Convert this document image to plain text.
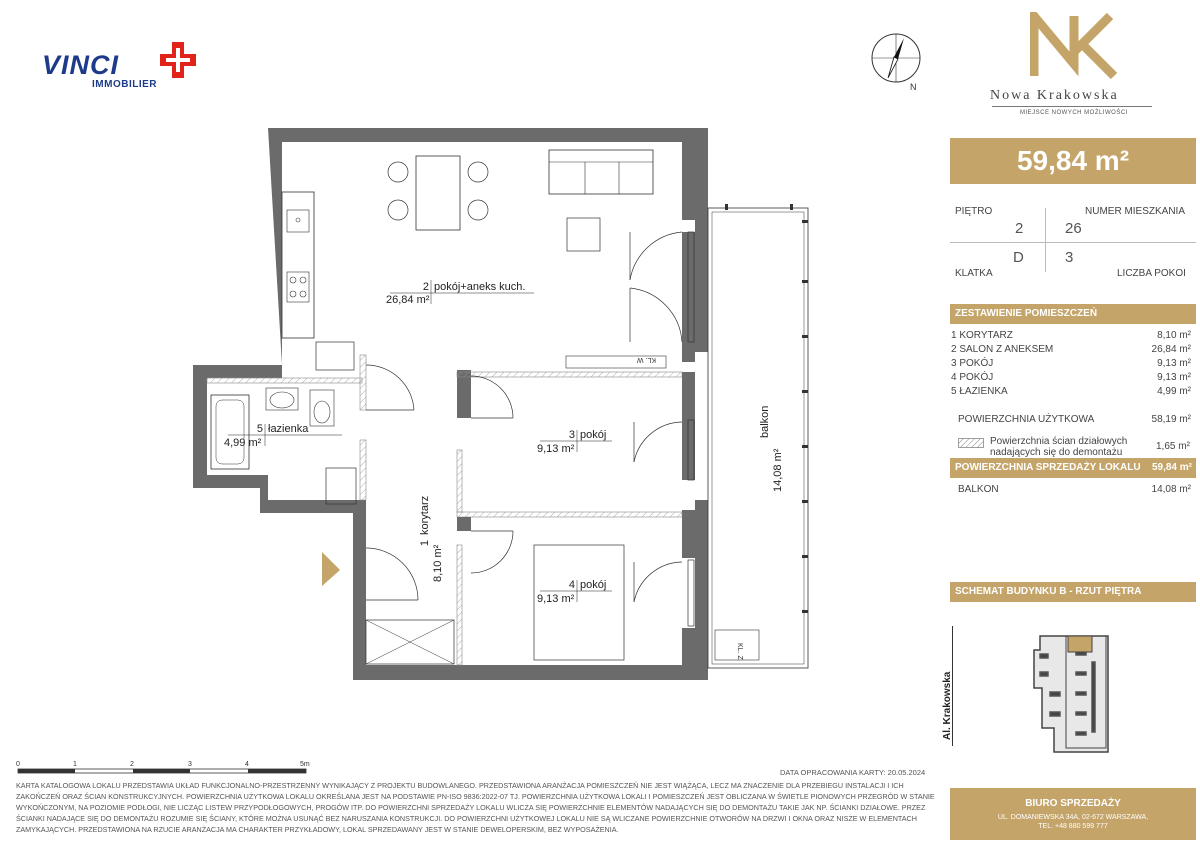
VINCI
IMMOBILIER	N
Nowa Krakowska
MIEJSCE NOWYCH MOŻLIWOŚCI
59,84 m²
PIĘTRO	NUMER MIESZKANIA
2	26
D	3
KLATKA	LICZBA POKOI
ZESTAWIENIE POMIESZCZEŃ
1 KORYTARZ	8,10 m²
2 SALON Z ANEKSEM	26,84 m²
3 POKÓJ	9,13 m²
4 POKÓJ	9,13 m²
5 ŁAZIENKA	4,99 m²
POWIERZCHNIA UŻYTKOWA	58,19 m²
Powierzchnia ścian działowych nadających się do demontażu
1,65 m²
POWIERZCHNIA SPRZEDAŻY LOKALU 59,84 m²
BALKON	14,08 m²
SCHEMAT BUDYNKU B - RZUT PIĘTRA
Al. Krakowska
KL. W
KL. Z
2 pokój+aneks kuch.
26,84 m²
5 łazienka
4,99 m²
3 pokój
9,13 m²
4 pokój
9,13 m²
1
korytarz
8,10 m²
balkon
14,08 m²
0	1	2	3	4	5m
DATA OPRACOWANIA KARTY: 20.05.2024
KARTA KATALOGOWA LOKALU PRZEDSTAWIA UKŁAD FUNKCJONALNO-PRZESTRZENNY WYNIKAJĄCY Z PROJEKTU BUDOWLANEGO. PRZEDSTAWIONA ARANŻACJA POMIESZCZEŃ NIE JEST WIĄŻĄCA, LECZ MA ZNACZENIE DLA PRZEBIEGU INSTALACJI I ICH ZAKOŃCZEŃ ORAZ ŚCIAN KONSTRUKCYJNYCH. POWIERZCHNIA UŻYTKOWA LOKALU OKREŚLANA JEST NA PODSTAWIE PN-ISO 9836:2022-07 TJ. POWIERZCHNIA UŻYTKOWA LOKALI I POMIESZCZEŃ JEST OBLICZANA W ŚWIETLE PIONOWYCH PRZEGRÓD W STANIE WYKOŃCZONYM, NA POZIOMIE PODŁOGI, NIE LICZĄC LISTEW PRZYPODŁOGOWYCH, PROGÓW ITP. DO POWIERZCHNI SPRZEDAŻY LOKALU WLICZA SIĘ POWIERZCHNIE ELEMENTÓW NADAJĄCYCH SIĘ DO DEMONTAŻU TAKIE JAK NP. ŚCIANKI DZIAŁOWE. PRZEZ ŚCIANKI NADAJĄCE SIĘ DO DEMONTAŻU ROZUMIE SIĘ ŚCIANY, KTÓRE MOŻNA USUNĄĆ BEZ NARUSZANIA KONSTRUKCJI. DO POWIERZCHNI UŻYTKOWEJ LOKALU NIE SĄ WLICZANE POWIERZCHNIE OTWORÓW NA DRZWI I OKNA ORAZ NISZE W ELEMENTACH ZAMYKAJĄCYCH. PRZEDSTAWIONA NA RZUCIE ARANŻACJA MA CHARAKTER PRZYKŁADOWY, LOKAL SPRZEDAWANY JEST W STANIE DEWELOPERSKIM, BEZ WYPOSAŻENIA.
BIURO SPRZEDAŻY
UL. DOMANIEWSKA 34A, 02-672 WARSZAWA,
TEL. +48 880 599 777
